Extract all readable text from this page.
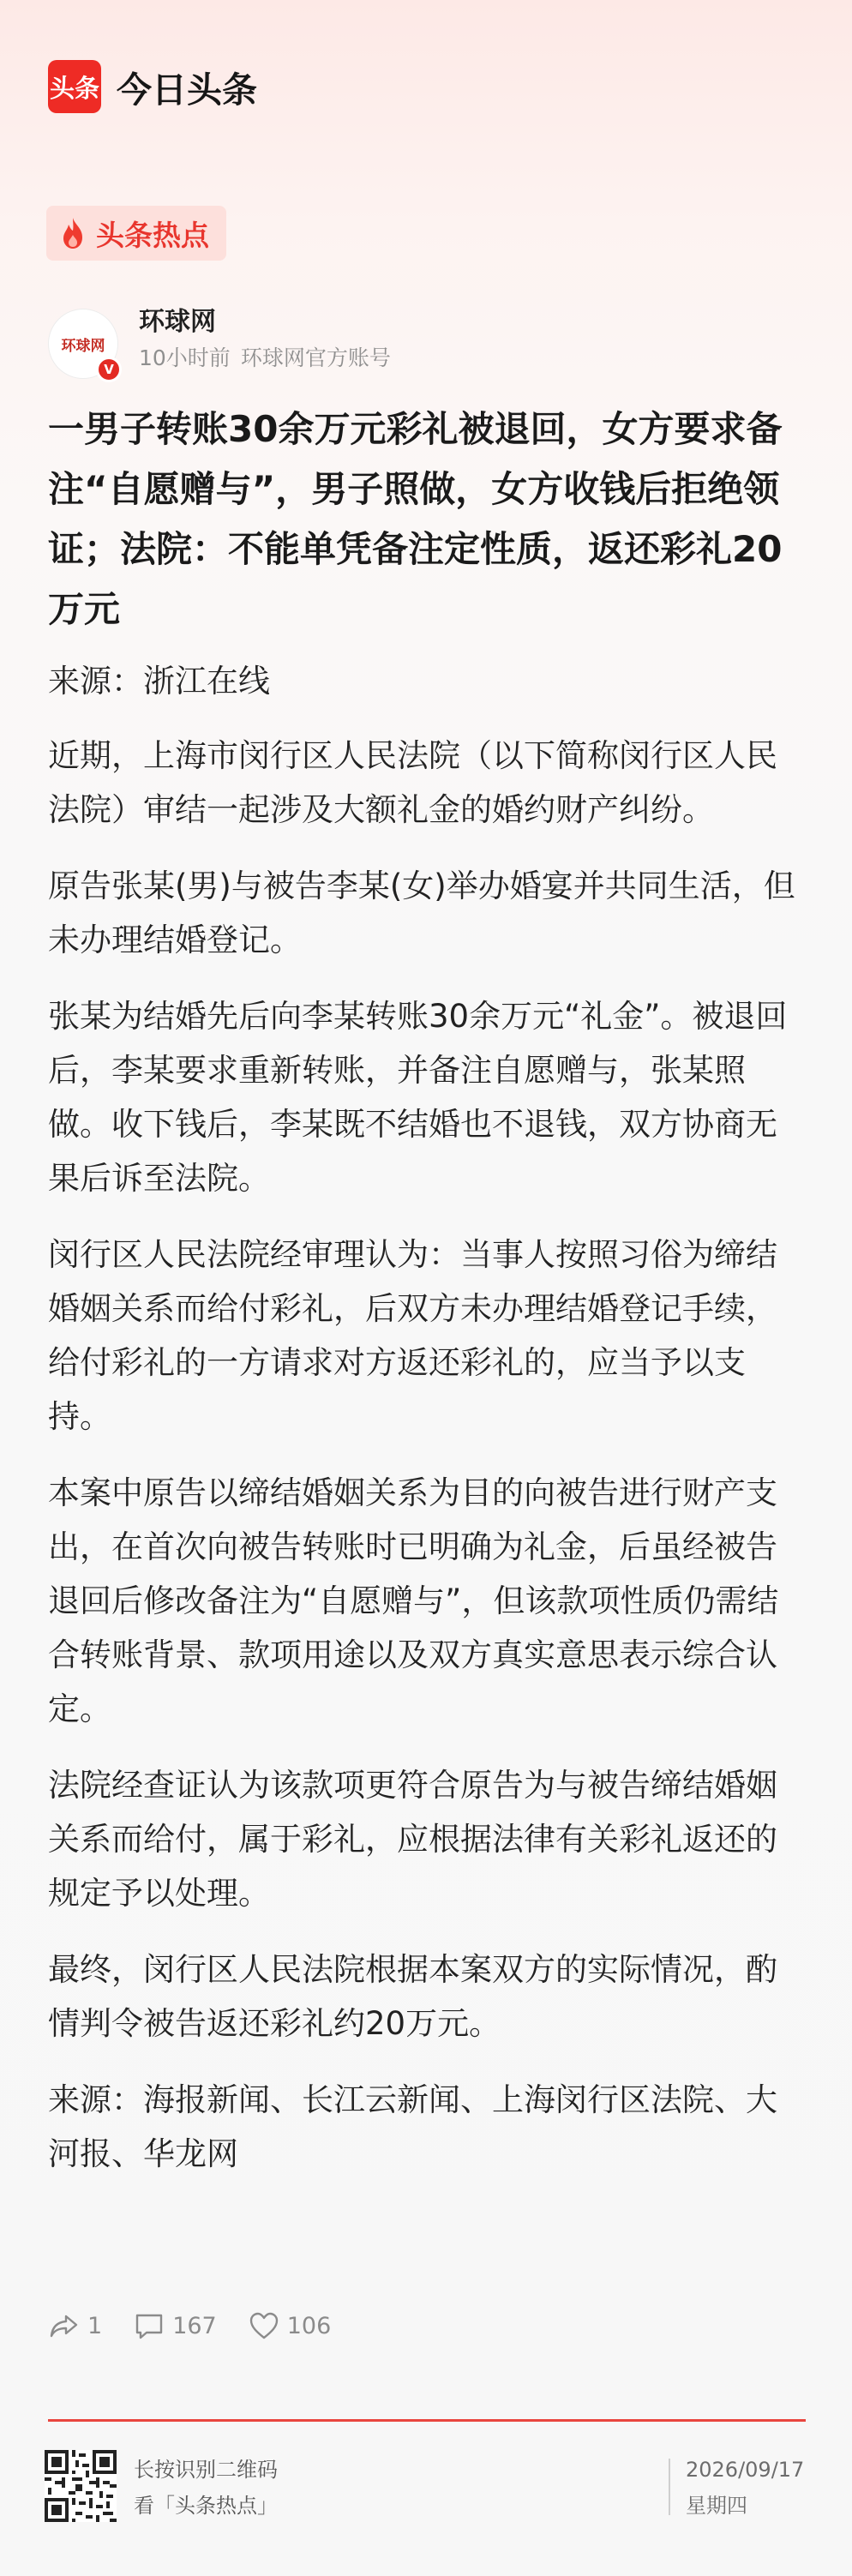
头条 今日头条
头条热点
环球网
V
环球网
10小时前 环球网官方账号
一男子转账30余万元彩礼被退回，女方要求备注“自愿赠与”，男子照做，女方收钱后拒绝领证；法院：不能单凭备注定性质，返还彩礼20万元

来源：浙江在线

近期，上海市闵行区人民法院（以下简称闵行区人民法院）审结一起涉及大额礼金的婚约财产纠纷。

原告张某(男)与被告李某(女)举办婚宴并共同生活，但未办理结婚登记。

张某为结婚先后向李某转账30余万元“礼金”。被退回后，李某要求重新转账，并备注自愿赠与，张某照做。收下钱后，李某既不结婚也不退钱，双方协商无果后诉至法院。

闵行区人民法院经审理认为：当事人按照习俗为缔结婚姻关系而给付彩礼，后双方未办理结婚登记手续，给付彩礼的一方请求对方返还彩礼的，应当予以支持。

本案中原告以缔结婚姻关系为目的向被告进行财产支出，在首次向被告转账时已明确为礼金，后虽经被告退回后修改备注为“自愿赠与”，但该款项性质仍需结合转账背景、款项用途以及双方真实意思表示综合认定。

法院经查证认为该款项更符合原告为与被告缔结婚姻关系而给付，属于彩礼，应根据法律有关彩礼返还的规定予以处理。

最终，闵行区人民法院根据本案双方的实际情况，酌情判令被告返还彩礼约20万元。

来源：海报新闻、长江云新闻、上海闵行区法院、大河报、华龙网

1	167	106
长按识别二维码
看「头条热点」
2026/09/17
星期四
